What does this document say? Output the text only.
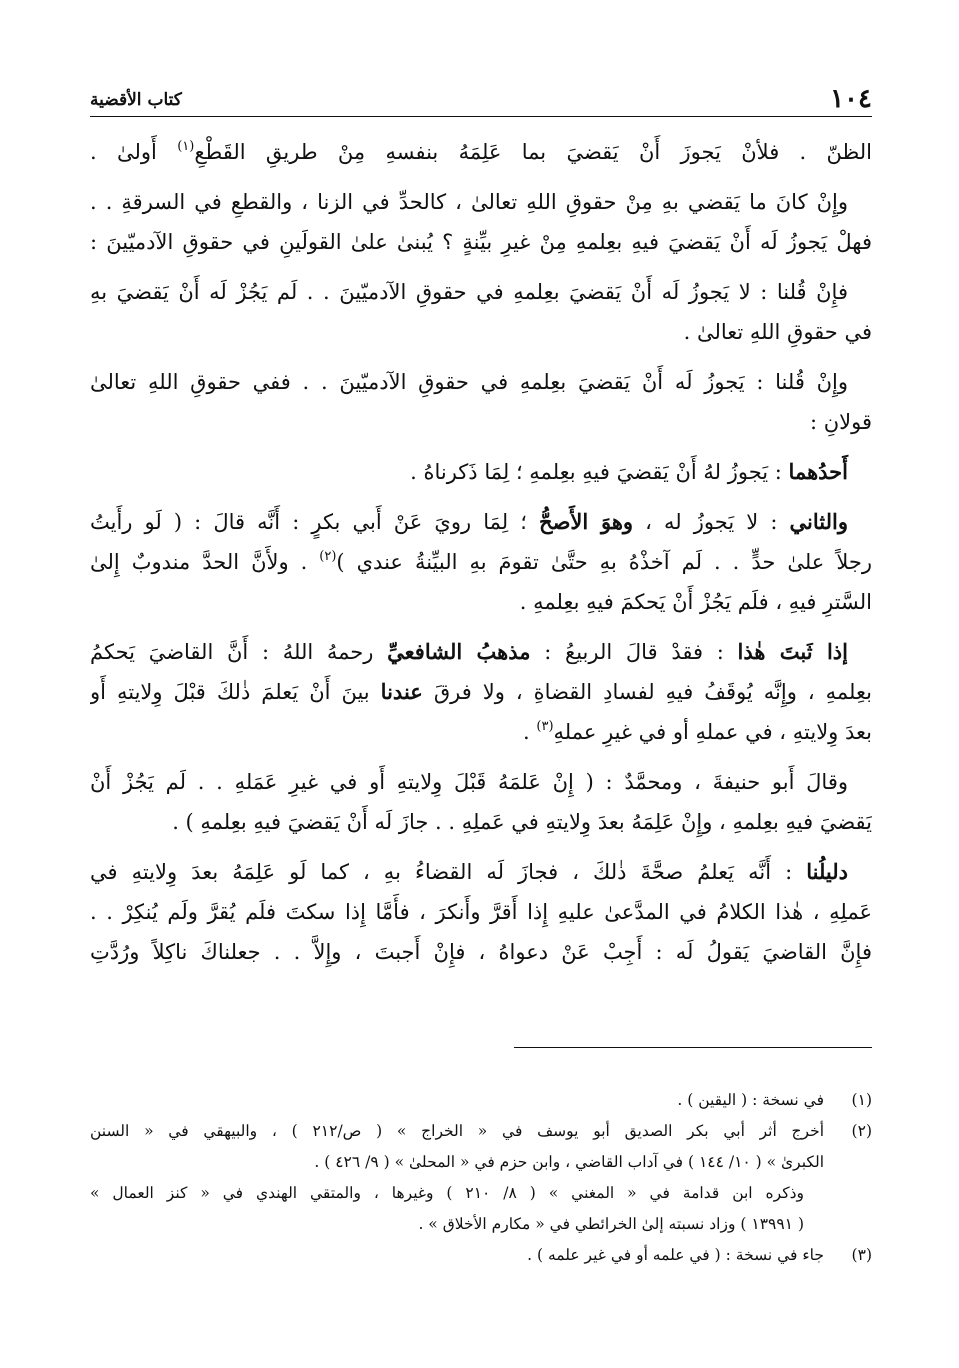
١٠٤
كتاب الأقضية
الظنّ . فلأنْ يَجوزَ أَنْ يَقضيَ بما عَلِمَهُ بنفسهِ مِنْ طريقِ القَطْعِ$^{(١)}$ أَولىٰ .
وإِنْ كانَ ما يَقضي بهِ مِنْ حقوقِ اللهِ تعالىٰ ، كالحدِّ في الزنا ، والقطعِ في السرقةِ . .
فهلْ يَجوزُ لَه أَنْ يَقضيَ فيهِ بعِلمهِ مِنْ غيرِ بيِّنةٍ ؟ يُبنىٰ علىٰ القولَينِ في حقوقِ الآدميّينَ :
فإِنْ قُلنا : لا يَجوزُ لَه أَنْ يَقضيَ بعِلمهِ في حقوقِ الآدميّينَ . . لَم يَجُزْ لَه أَنْ يَقضيَ بهِ
في حقوقِ اللهِ تعالىٰ .
وإِنْ قُلنا : يَجوزُ لَه أَنْ يَقضيَ بعِلمهِ في حقوقِ الآدميّينَ . . ففي حقوقِ اللهِ تعالىٰ
قولانِ :
أَحدُهما : يَجوزُ لهُ أَنْ يَقضيَ فيهِ بعِلمهِ ؛ لِمَا ذَكرناهُ .
والثاني : لا يَجوزُ له ، وهوَ الأَصحُّ ؛ لِمَا رويَ عَنْ أَبي بكرٍ : أَنَّه قالَ : ( لَو رأَيتُ
رجلاً علىٰ حدٍّ . . لَم آخذْهُ بهِ حتَّىٰ تقومَ بهِ البيِّنةُ عندي )$^{(٢)}$ . ولأَنَّ الحدَّ مندوبٌ إِلىٰ
السَّترِ فيهِ ، فلَم يَجُزْ أَنْ يَحكمَ فيهِ بعِلمهِ .
إذا ثَبتَ هٰذا : فقدْ قالَ الربيعُ : مذهبُ الشافعيِّ رحمهُ اللهُ : أَنَّ القاضيَ يَحكمُ
بعِلمهِ ، وإِنَّه يُوقَفُ فيهِ لفسادِ القضاةِ ، ولا فرقَ عندنا بينَ أَنْ يَعلمَ ذٰلكَ قبْلَ وِلايتهِ أَو
بعدَ وِلايتهِ ، في عملهِ أو في غيرِ عملهِ$^{(٣)}$ .
وقالَ أَبو حنيفةَ ، ومحمَّدٌ : ( إِنْ عَلمَهُ قَبْلَ وِلايتهِ أَو في غيرِ عَمَلهِ . . لَم يَجُزْ أَنْ
يَقضيَ فيهِ بعِلمهِ ، وإِنْ عَلِمَهُ بعدَ وِلايتهِ في عَملِهِ . . جازَ لَه أَنْ يَقضيَ فيهِ بعِلمهِ ) .
دليلُنا : أَنَّه يَعلمُ صحَّةَ ذٰلكَ ، فجازَ لَه القضاءُ بهِ ، كما لَو عَلِمَهُ بعدَ وِلايتهِ في
عَملِهِ ، هٰذا الكلامُ في المدَّعىٰ عليهِ إِذا أَقرَّ وأَنكرَ ، فأَمَّا إِذا سكتَ فلَم يُقرَّ ولَم يُنكِرْ . .
فإِنَّ القاضيَ يَقولُ لَه : أَجِبْ عَنْ دعواهُ ، فإِنْ أَجبتَ ، وإِلاَّ . . جعلناكَ ناكِلاً ورُدَّتِ
(١)
في نسخة : ( اليقين ) .
(٢)
أخرج أثر أبي بكر الصديق أبو يوسف في « الخراج » ( ص/٢١٢ ) ، والبيهقي في « السنن
الكبرىٰ » ( ١٠/ ١٤٤ ) في آداب القاضي ، وابن حزم في « المحلىٰ » ( ٩/ ٤٢٦ ) .
وذكره ابن قدامة في « المغني » ( ٨/ ٢١٠ ) وغيرها ، والمتقي الهندي في « كنز العمال »
( ١٣٩٩١ ) وزاد نسبته إلىٰ الخرائطي في « مكارم الأخلاق » .
(٣)
جاء في نسخة : ( في علمه أو في غير علمه ) .
